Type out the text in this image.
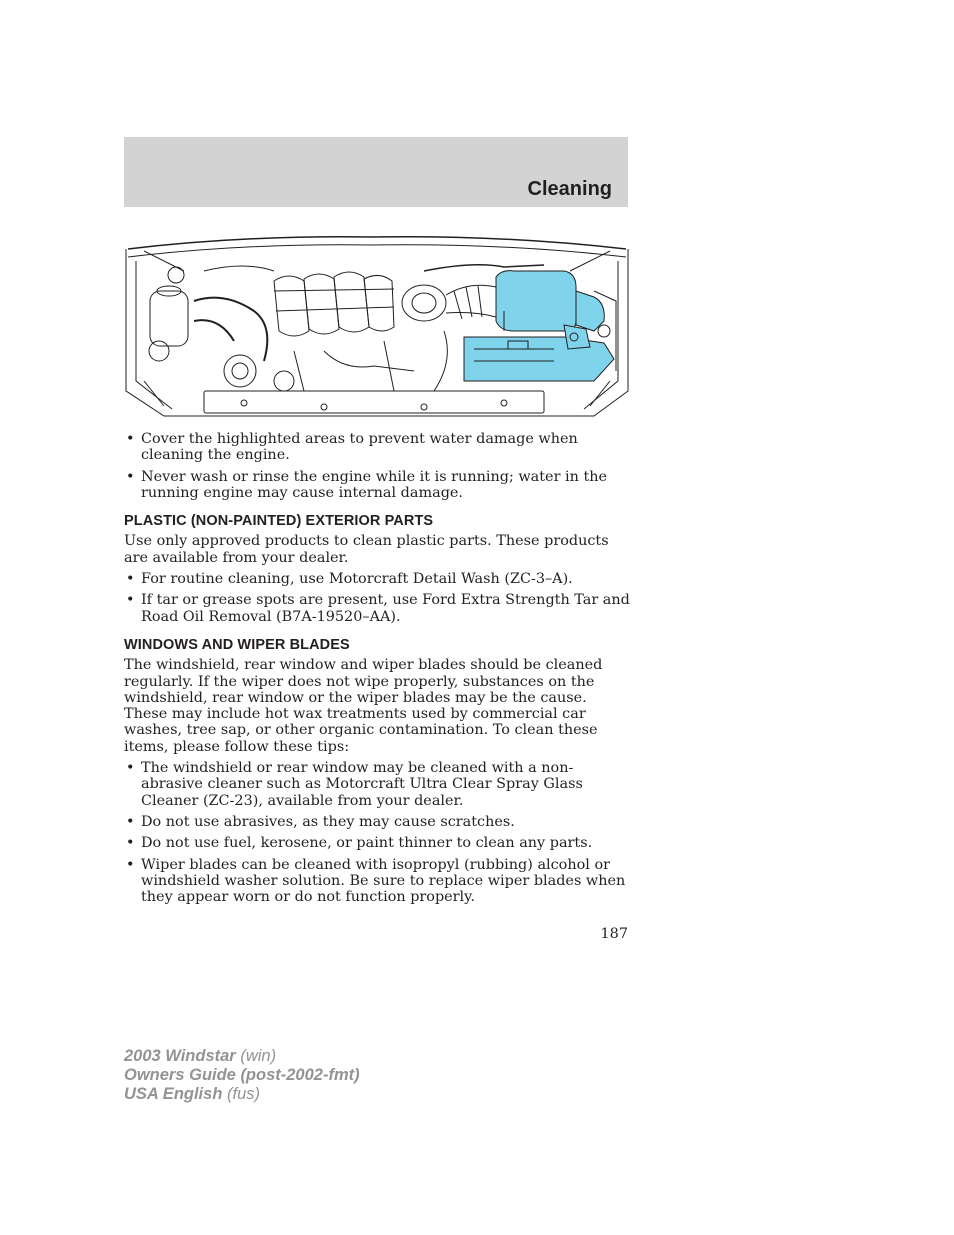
Cleaning
• Cover the highlighted areas to prevent water damage when cleaning the engine.
• Never wash or rinse the engine while it is running; water in the running engine may cause internal damage.
PLASTIC (NON-PAINTED) EXTERIOR PARTS

Use only approved products to clean plastic parts. These products are available from your dealer.

• For routine cleaning, use Motorcraft Detail Wash (ZC-3–A).
• If tar or grease spots are present, use Ford Extra Strength Tar and Road Oil Removal (B7A-19520–AA).
WINDOWS AND WIPER BLADES

The windshield, rear window and wiper blades should be cleaned regularly. If the wiper does not wipe properly, substances on the windshield, rear window or the wiper blades may be the cause. These may include hot wax treatments used by commercial car washes, tree sap, or other organic contamination. To clean these items, please follow these tips:

• The windshield or rear window may be cleaned with a non-abrasive cleaner such as Motorcraft Ultra Clear Spray Glass Cleaner (ZC-23), available from your dealer.
• Do not use abrasives, as they may cause scratches.
• Do not use fuel, kerosene, or paint thinner to clean any parts.
• Wiper blades can be cleaned with isopropyl (rubbing) alcohol or windshield washer solution. Be sure to replace wiper blades when they appear worn or do not function properly.
187
2003 Windstar (win)
Owners Guide (post-2002-fmt)
USA English (fus)
